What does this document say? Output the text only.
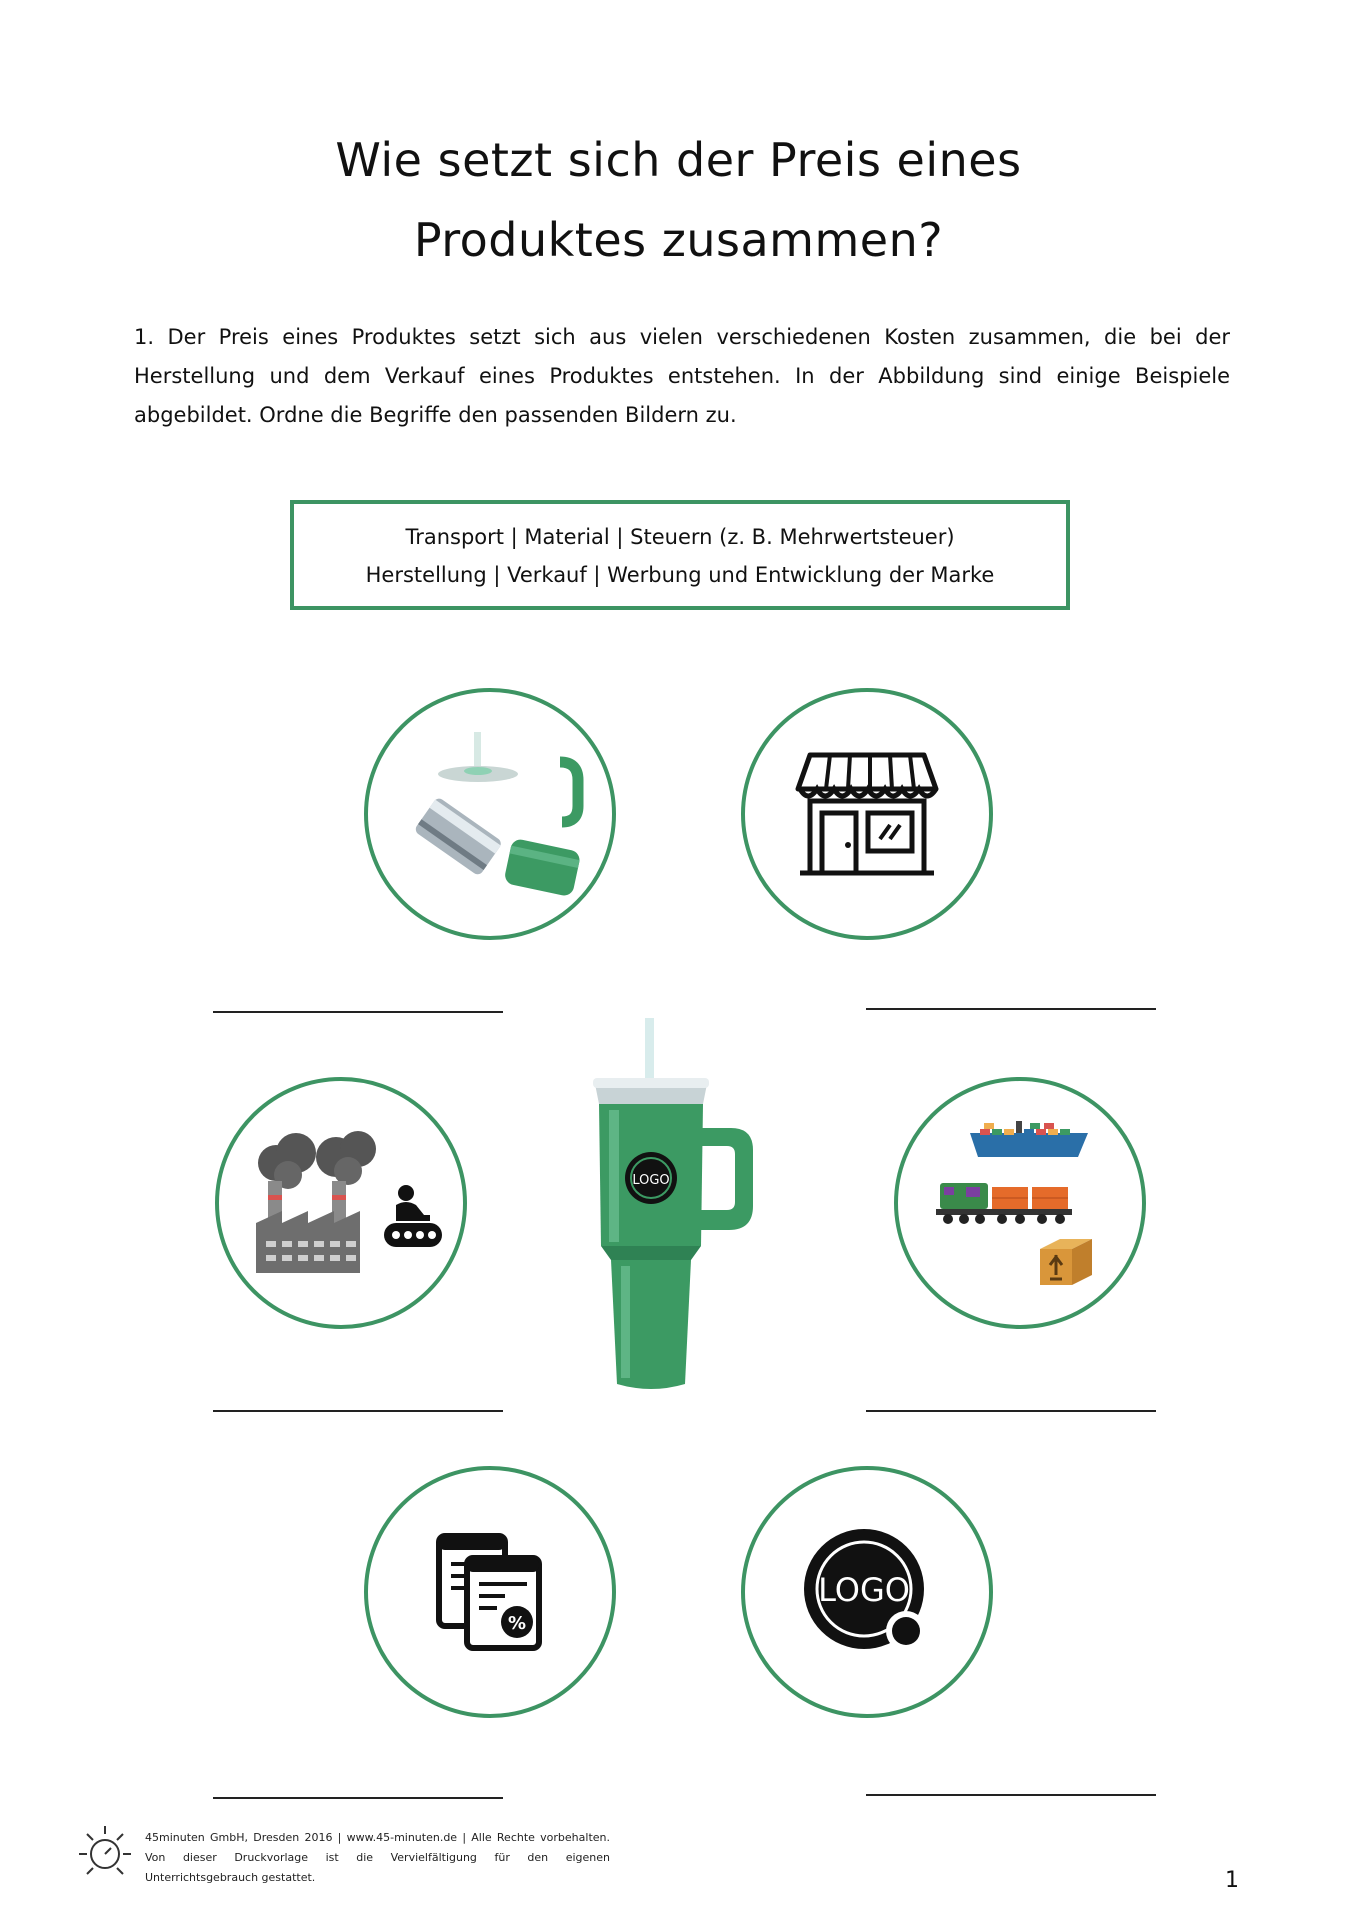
Wie setzt sich der Preis eines
Produktes zusammen?
1. Der Preis eines Produktes setzt sich aus vielen verschiedenen Kosten zusammen, die bei der Herstellung und dem Verkauf eines Produktes entstehen. In der Abbildung sind einige Beispiele abgebildet. Ordne die Begriffe den passenden Bildern zu.
Transport | Material | Steuern (z. B. Mehrwertsteuer)
Herstellung | Verkauf | Werbung und Entwicklung der Marke
LOGO
%
LOGO
45minuten GmbH, Dresden 2016 | www.45-minuten.de | Alle Rechte vorbehalten. Von dieser Druckvorlage ist die Vervielfältigung für den eigenen Unterrichtsgebrauch gestattet.	1
